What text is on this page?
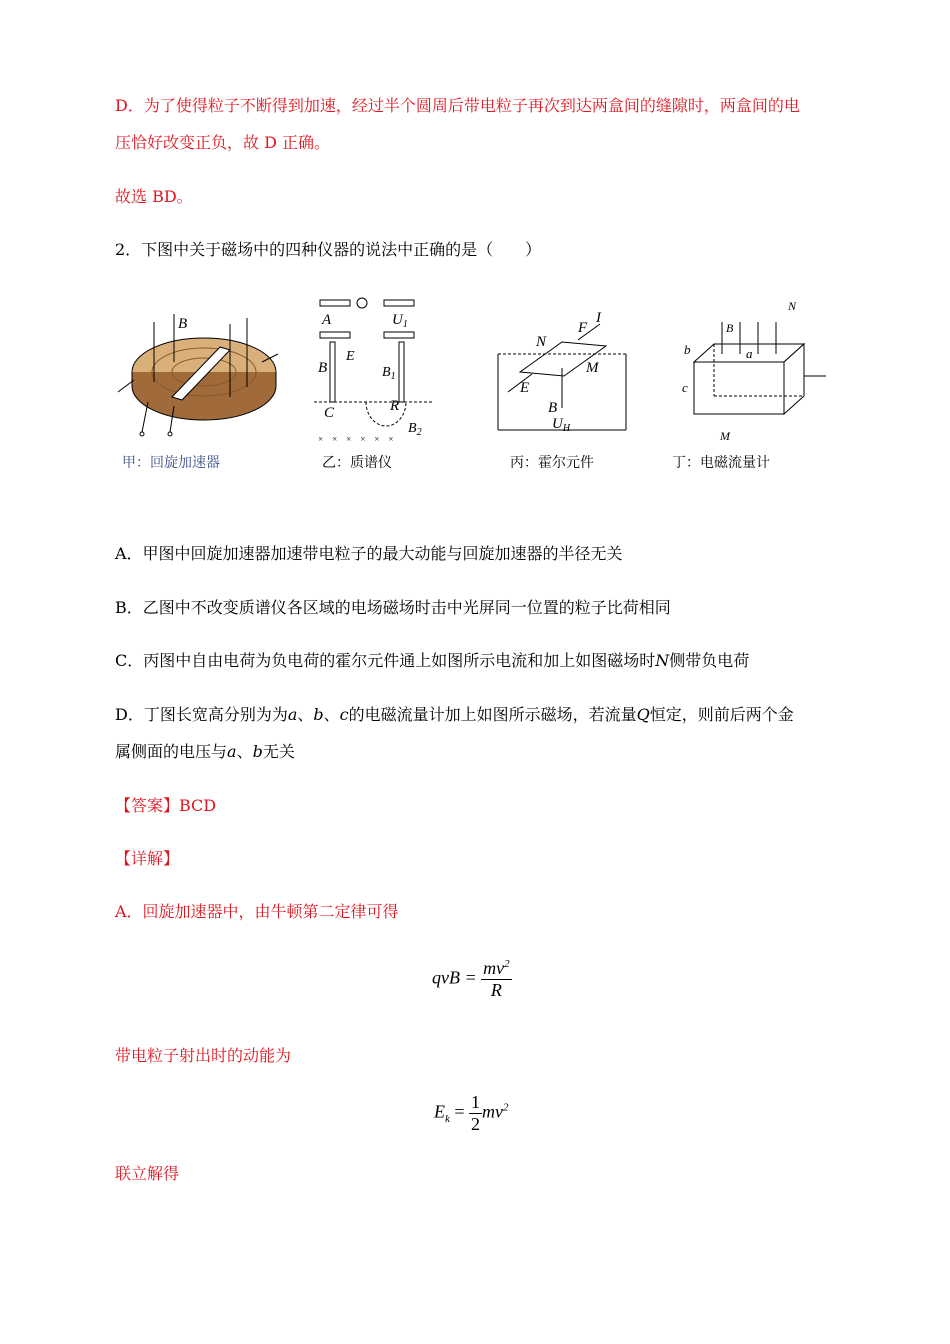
D．为了使得粒子不断得到加速，经过半个圆周后带电粒子再次到达两盒间的缝隙时，两盒间的电
压恰好改变正负，故 D 正确。
故选 BD。
2．下图中关于磁场中的四种仪器的说法中正确的是（　　）
B
甲：回旋加速器
A	$U_1$
B
E
$B_1$
C	R
$B_2$
×　×　×　×　×　×
乙：质谱仪
N
F
I
M
E
B
$U_H$
丙：霍尔元件
N
B
b	a
c
M
丁：电磁流量计
A．甲图中回旋加速器加速带电粒子的最大动能与回旋加速器的半径无关
B．乙图中不改变质谱仪各区域的电场磁场时击中光屏同一位置的粒子比荷相同
C．丙图中自由电荷为负电荷的霍尔元件通上如图所示电流和加上如图磁场时N侧带负电荷
D．丁图长宽高分别为为a、b、c的电磁流量计加上如图所示磁场，若流量Q恒定，则前后两个金
属侧面的电压与a、b无关
【答案】BCD
【详解】
A．回旋加速器中，由牛顿第二定律可得
qvB = $\frac{mv^2}{R}$
带电粒子射出时的动能为
$E_k = \frac{1}{2} mv^2$
联立解得
